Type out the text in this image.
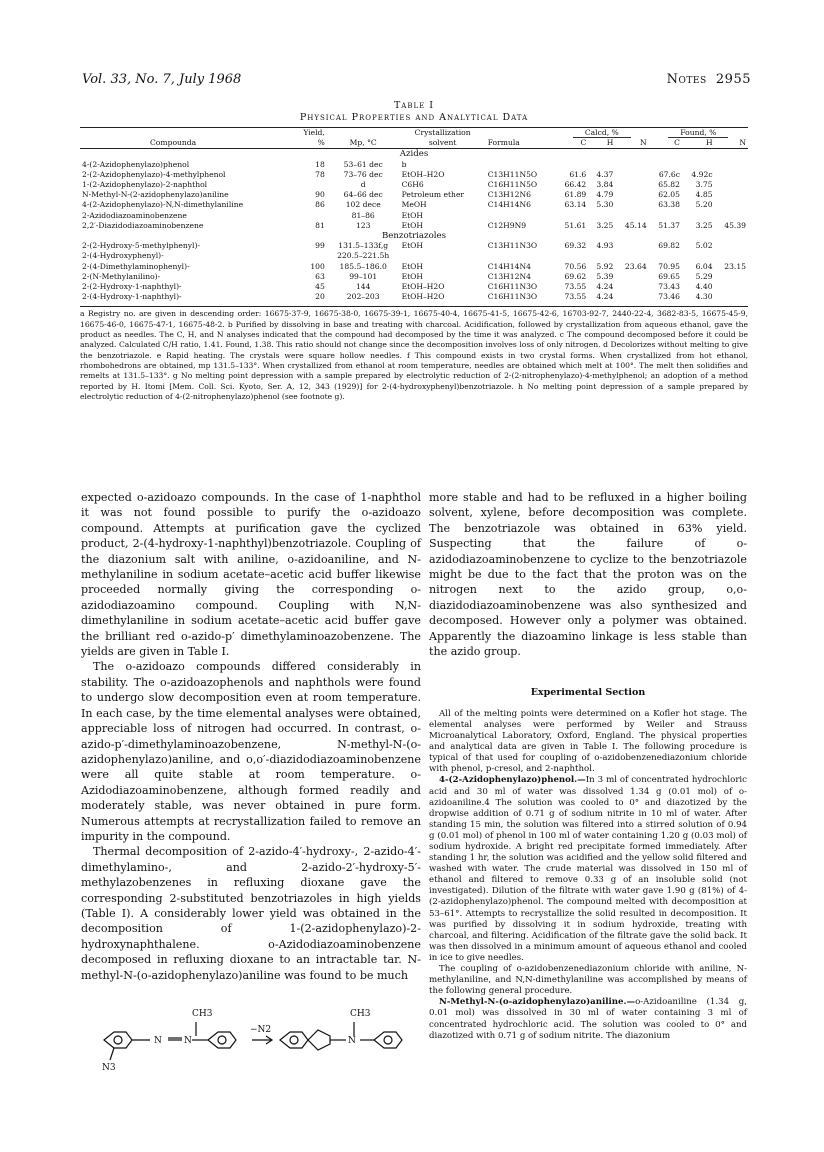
Vol. 33, No. 7, July 1968	Notes 2955
Table I
Physical Properties and Analytical Data
	Yield,		Crystallization		Calcd, %			Found, %		
Compounda	%	Mp, °C	solvent	Formula	C	H	N	C	H	N
Azides										
4-(2-Azidophenylazo)phenol	18	53–61 dec	b							
2-(2-Azidophenylazo)-4-methylphenol	78	73–76 dec	EtOH–H2O	C13H11N5O	61.6	4.37		67.6c	4.92c	
1-(2-Azidophenylazo)-2-naphthol		d	C6H6	C16H11N5O	66.42	3.84		65.82	3.75	
N-Methyl-N-(2-azidophenylazo)aniline	90	64–66 dec	Petroleum ether	C13H12N6	61.89	4.79		62.05	4.85	
4-(2-Azidophenylazo)-N,N-dimethylaniline	86	102 dece	MeOH	C14H14N6	63.14	5.30		63.38	5.20	
2-Azidodiazoaminobenzene		81–86	EtOH							
2,2′-Diazidodiazoaminobenzene	81	123	EtOH	C12H9N9	51.61	3.25	45.14	51.37	3.25	45.39
Benzotriazoles										
2-(2-Hydroxy-5-methylphenyl)-	99	131.5–133f,g	EtOH	C13H11N3O	69.32	4.93		69.82	5.02	
2-(4-Hydroxyphenyl)-		220.5–221.5h								
2-(4-Dimethylaminophenyl)-	100	185.5–186.0	EtOH	C14H14N4	70.56	5.92	23.64	70.95	6.04	23.15
2-(N-Methylanilino)-	63	99–101	EtOH	C13H12N4	69.62	5.39		69.65	5.29	
2-(2-Hydroxy-1-naphthyl)-	45	144	EtOH–H2O	C16H11N3O	73.55	4.24		73.43	4.40	
2-(4-Hydroxy-1-naphthyl)-	20	202–203	EtOH–H2O	C16H11N3O	73.55	4.24		73.46	4.30	
a Registry no. are given in descending order: 16675-37-9, 16675-38-0, 16675-39-1, 16675-40-4, 16675-41-5, 16675-42-6, 16703-92-7, 2440-22-4, 3682-83-5, 16675-45-9, 16675-46-0, 16675-47-1, 16675-48-2. b Purified by dissolving in base and treating with charcoal. Acidification, followed by crystallization from aqueous ethanol, gave the product as needles. The C, H, and N analyses indicated that the compound had decomposed by the time it was analyzed. c The compound decomposed before it could be analyzed. Calculated C/H ratio, 1.41. Found, 1.38. This ratio should not change since the decomposition involves loss of only nitrogen. d Decolorizes without melting to give the benzotriazole. e Rapid heating. The crystals were square hollow needles. f This compound exists in two crystal forms. When crystallized from hot ethanol, rhombohedrons are obtained, mp 131.5–133°. When crystallized from ethanol at room temperature, needles are obtained which melt at 100°. The melt then solidifies and remelts at 131.5–133°. g No melting point depression with a sample prepared by electrolytic reduction of 2-(2-nitrophenylazo)-4-methylphenol; an adoption of a method reported by H. Itomi [Mem. Coll. Sci. Kyoto, Ser. A, 12, 343 (1929)] for 2-(4-hydroxyphenyl)benzotriazole. h No melting point depression of a sample prepared by electrolytic reduction of 4-(2-nitrophenylazo)phenol (see footnote g).

expected o-azidoazo compounds. In the case of 1-naphthol it was not found possible to purify the o-azidoazo compound. Attempts at purification gave the cyclized product, 2-(4-hydroxy-1-naphthyl)benzotriazole. Coupling of the diazonium salt with aniline, o-azidoaniline, and N-methylaniline in sodium acetate–acetic acid buffer likewise proceeded normally giving the corresponding o-azidodiazoamino compound. Coupling with N,N-dimethylaniline in sodium acetate–acetic acid buffer gave the brilliant red o-azido-p′ dimethylaminoazobenzene. The yields are given in Table I.

The o-azidoazo compounds differed considerably in stability. The o-azidoazophenols and naphthols were found to undergo slow decomposition even at room temperature. In each case, by the time elemental analyses were obtained, appreciable loss of nitrogen had occurred. In contrast, o-azido-p′-dimethylaminoazobenzene, N-methyl-N-(o-azidophenylazo)aniline, and o,o′-diazidodiazoaminobenzene were all quite stable at room temperature. o-Azidodiazoaminobenzene, although formed readily and moderately stable, was never obtained in pure form. Numerous attempts at recrystallization failed to remove an impurity in the compound.

Thermal decomposition of 2-azido-4′-hydroxy-, 2-azido-4′-dimethylamino-, and 2-azido-2′-hydroxy-5′-methylazobenzenes in refluxing dioxane gave the corresponding 2-substituted benzotriazoles in high yields (Table I). A considerably lower yield was obtained in the decomposition of 1-(2-azidophenylazo)-2-hydroxynaphthalene. o-Azidodiazoaminobenzene decomposed in refluxing dioxane to an intractable tar. N-methyl-N-(o-azidophenylazo)aniline was found to be much

more stable and had to be refluxed in a higher boiling solvent, xylene, before decomposition was complete. The benzotriazole was obtained in 63% yield. Suspecting that the failure of o-azidodiazoaminobenzene to cyclize to the benzotriazole might be due to the fact that the proton was on the nitrogen next to the azido group, o,o-diazidodiazoaminobenzene was also synthesized and decomposed. However only a polymer was obtained. Apparently the diazoamino linkage is less stable than the azido group.

Experimental Section

All of the melting points were determined on a Kofler hot stage. The elemental analyses were performed by Weiler and Strauss Microanalytical Laboratory, Oxford, England. The physical properties and analytical data are given in Table I. The following procedure is typical of that used for coupling of o-azidobenzenediazonium chloride with phenol, p-cresol, and 2-naphthol.

4-(2-Azidophenylazo)phenol.—In 3 ml of concentrated hydrochloric acid and 30 ml of water was dissolved 1.34 g (0.01 mol) of o-azidoaniline.4 The solution was cooled to 0° and diazotized by the dropwise addition of 0.71 g of sodium nitrite in 10 ml of water. After standing 15 min, the solution was filtered into a stirred solution of 0.94 g (0.01 mol) of phenol in 100 ml of water containing 1.20 g (0.03 mol) of sodium hydroxide. A bright red precipitate formed immediately. After standing 1 hr, the solution was acidified and the yellow solid filtered and washed with water. The crude material was dissolved in 150 ml of ethanol and filtered to remove 0.33 g of an insoluble solid (not investigated). Dilution of the filtrate with water gave 1.90 g (81%) of 4-(2-azidophenylazo)phenol. The compound melted with decomposition at 53–61°. Attempts to recrystallize the solid resulted in decomposition. It was purified by dissolving it in sodium hydroxide, treating with charcoal, and filtering. Acidification of the filtrate gave the solid back. It was then dissolved in a minimum amount of aqueous ethanol and cooled in ice to give needles.

The coupling of o-azidobenzenediazonium chloride with aniline, N-methylaniline, and N,N-dimethylaniline was accomplished by means of the following general procedure.

N-Methyl-N-(o-azidophenylazo)aniline.—o-Azidoaniline (1.34 g, 0.01 mol) was dissolved in 30 ml of water containing 3 ml of concentrated hydrochloric acid. The solution was cooled to 0° and diazotized with 0.71 g of sodium nitrite. The diazonium

N N
CH3
N3
−N2
N
CH3
